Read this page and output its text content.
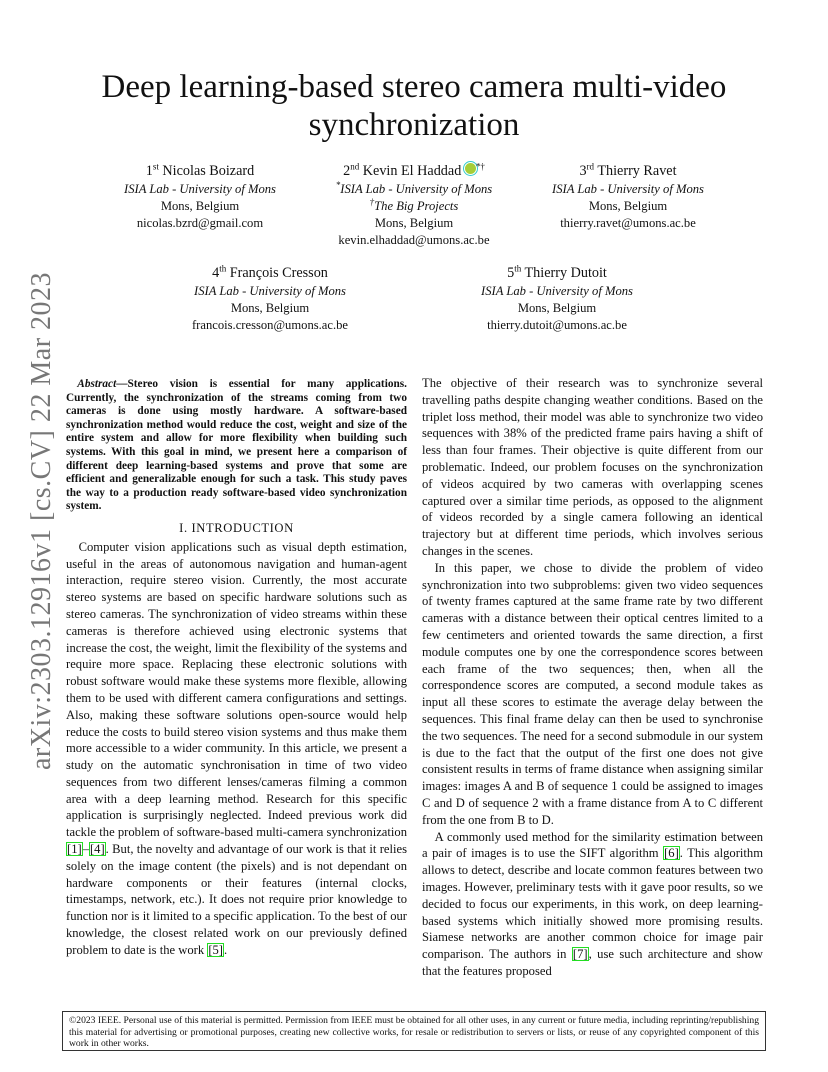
arXiv:2303.12916v1 [cs.CV] 22 Mar 2023
Deep learning-based stereo camera multi-video synchronization
1st Nicolas Boizard
ISIA Lab - University of Mons
Mons, Belgium
nicolas.bzrd@gmail.com
2nd Kevin El Haddad *†
*ISIA Lab - University of Mons
†The Big Projects
Mons, Belgium
kevin.elhaddad@umons.ac.be
3rd Thierry Ravet
ISIA Lab - University of Mons
Mons, Belgium
thierry.ravet@umons.ac.be
4th François Cresson
ISIA Lab - University of Mons
Mons, Belgium
francois.cresson@umons.ac.be
5th Thierry Dutoit
ISIA Lab - University of Mons
Mons, Belgium
thierry.dutoit@umons.ac.be

Abstract—Stereo vision is essential for many applications. Currently, the synchronization of the streams coming from two cameras is done using mostly hardware. A software-based synchronization method would reduce the cost, weight and size of the entire system and allow for more flexibility when building such systems. With this goal in mind, we present here a comparison of different deep learning-based systems and prove that some are efficient and generalizable enough for such a task. This study paves the way to a production ready software-based video synchronization system.

I. INTRODUCTION

Computer vision applications such as visual depth estimation, useful in the areas of autonomous navigation and human-agent interaction, require stereo vision. Currently, the most accurate stereo systems are based on specific hardware solutions such as stereo cameras. The synchronization of video streams within these cameras is therefore achieved using electronic systems that increase the cost, the weight, limit the flexibility of the systems and require more space. Replacing these electronic solutions with robust software would make these systems more flexible, allowing them to be used with different camera configurations and settings. Also, making these software solutions open-source would help reduce the costs to build stereo vision systems and thus make them more accessible to a wider community. In this article, we present a study on the automatic synchronisation in time of two video sequences from two different lenses/cameras filming a common area with a deep learning method. Research for this specific application is surprisingly neglected. Indeed previous work did tackle the problem of software-based multi-camera synchronization [1]–[4]. But, the novelty and advantage of our work is that it relies solely on the image content (the pixels) and is not dependant on hardware components or their features (internal clocks, timestamps, network, etc.). It does not require prior knowledge to function nor is it limited to a specific application. To the best of our knowledge, the closest related work on our previously defined problem to date is the work [5].

The objective of their research was to synchronize several travelling paths despite changing weather conditions. Based on the triplet loss method, their model was able to synchronize two video sequences with 38% of the predicted frame pairs having a shift of less than four frames. Their objective is quite different from our problematic. Indeed, our problem focuses on the synchronization of videos acquired by two cameras with overlapping scenes captured over a similar time periods, as opposed to the alignment of videos recorded by a single camera following an identical trajectory but at different time periods, which involves serious changes in the scenes.

In this paper, we chose to divide the problem of video synchronization into two subproblems: given two video sequences of twenty frames captured at the same frame rate by two different cameras with a distance between their optical centres limited to a few centimeters and oriented towards the same direction, a first module computes one by one the correspondence scores between each frame of the two sequences; then, when all the correspondence scores are computed, a second module takes as input all these scores to estimate the average delay between the sequences. This final frame delay can then be used to synchronise the two sequences. The need for a second submodule in our system is due to the fact that the output of the first one does not give consistent results in terms of frame distance when assigning similar images: images A and B of sequence 1 could be assigned to images C and D of sequence 2 with a frame distance from A to C different from the one from B to D.

A commonly used method for the similarity estimation between a pair of images is to use the SIFT algorithm [6]. This algorithm allows to detect, describe and locate common features between two images. However, preliminary tests with it gave poor results, so we decided to focus our experiments, in this work, on deep learning-based systems which initially showed more promising results. Siamese networks are another common choice for image pair comparison. The authors in [7], use such architecture and show that the features proposed

©2023 IEEE. Personal use of this material is permitted. Permission from IEEE must be obtained for all other uses, in any current or future media, including reprinting/republishing this material for advertising or promotional purposes, creating new collective works, for resale or redistribution to servers or lists, or reuse of any copyrighted component of this work in other works.
